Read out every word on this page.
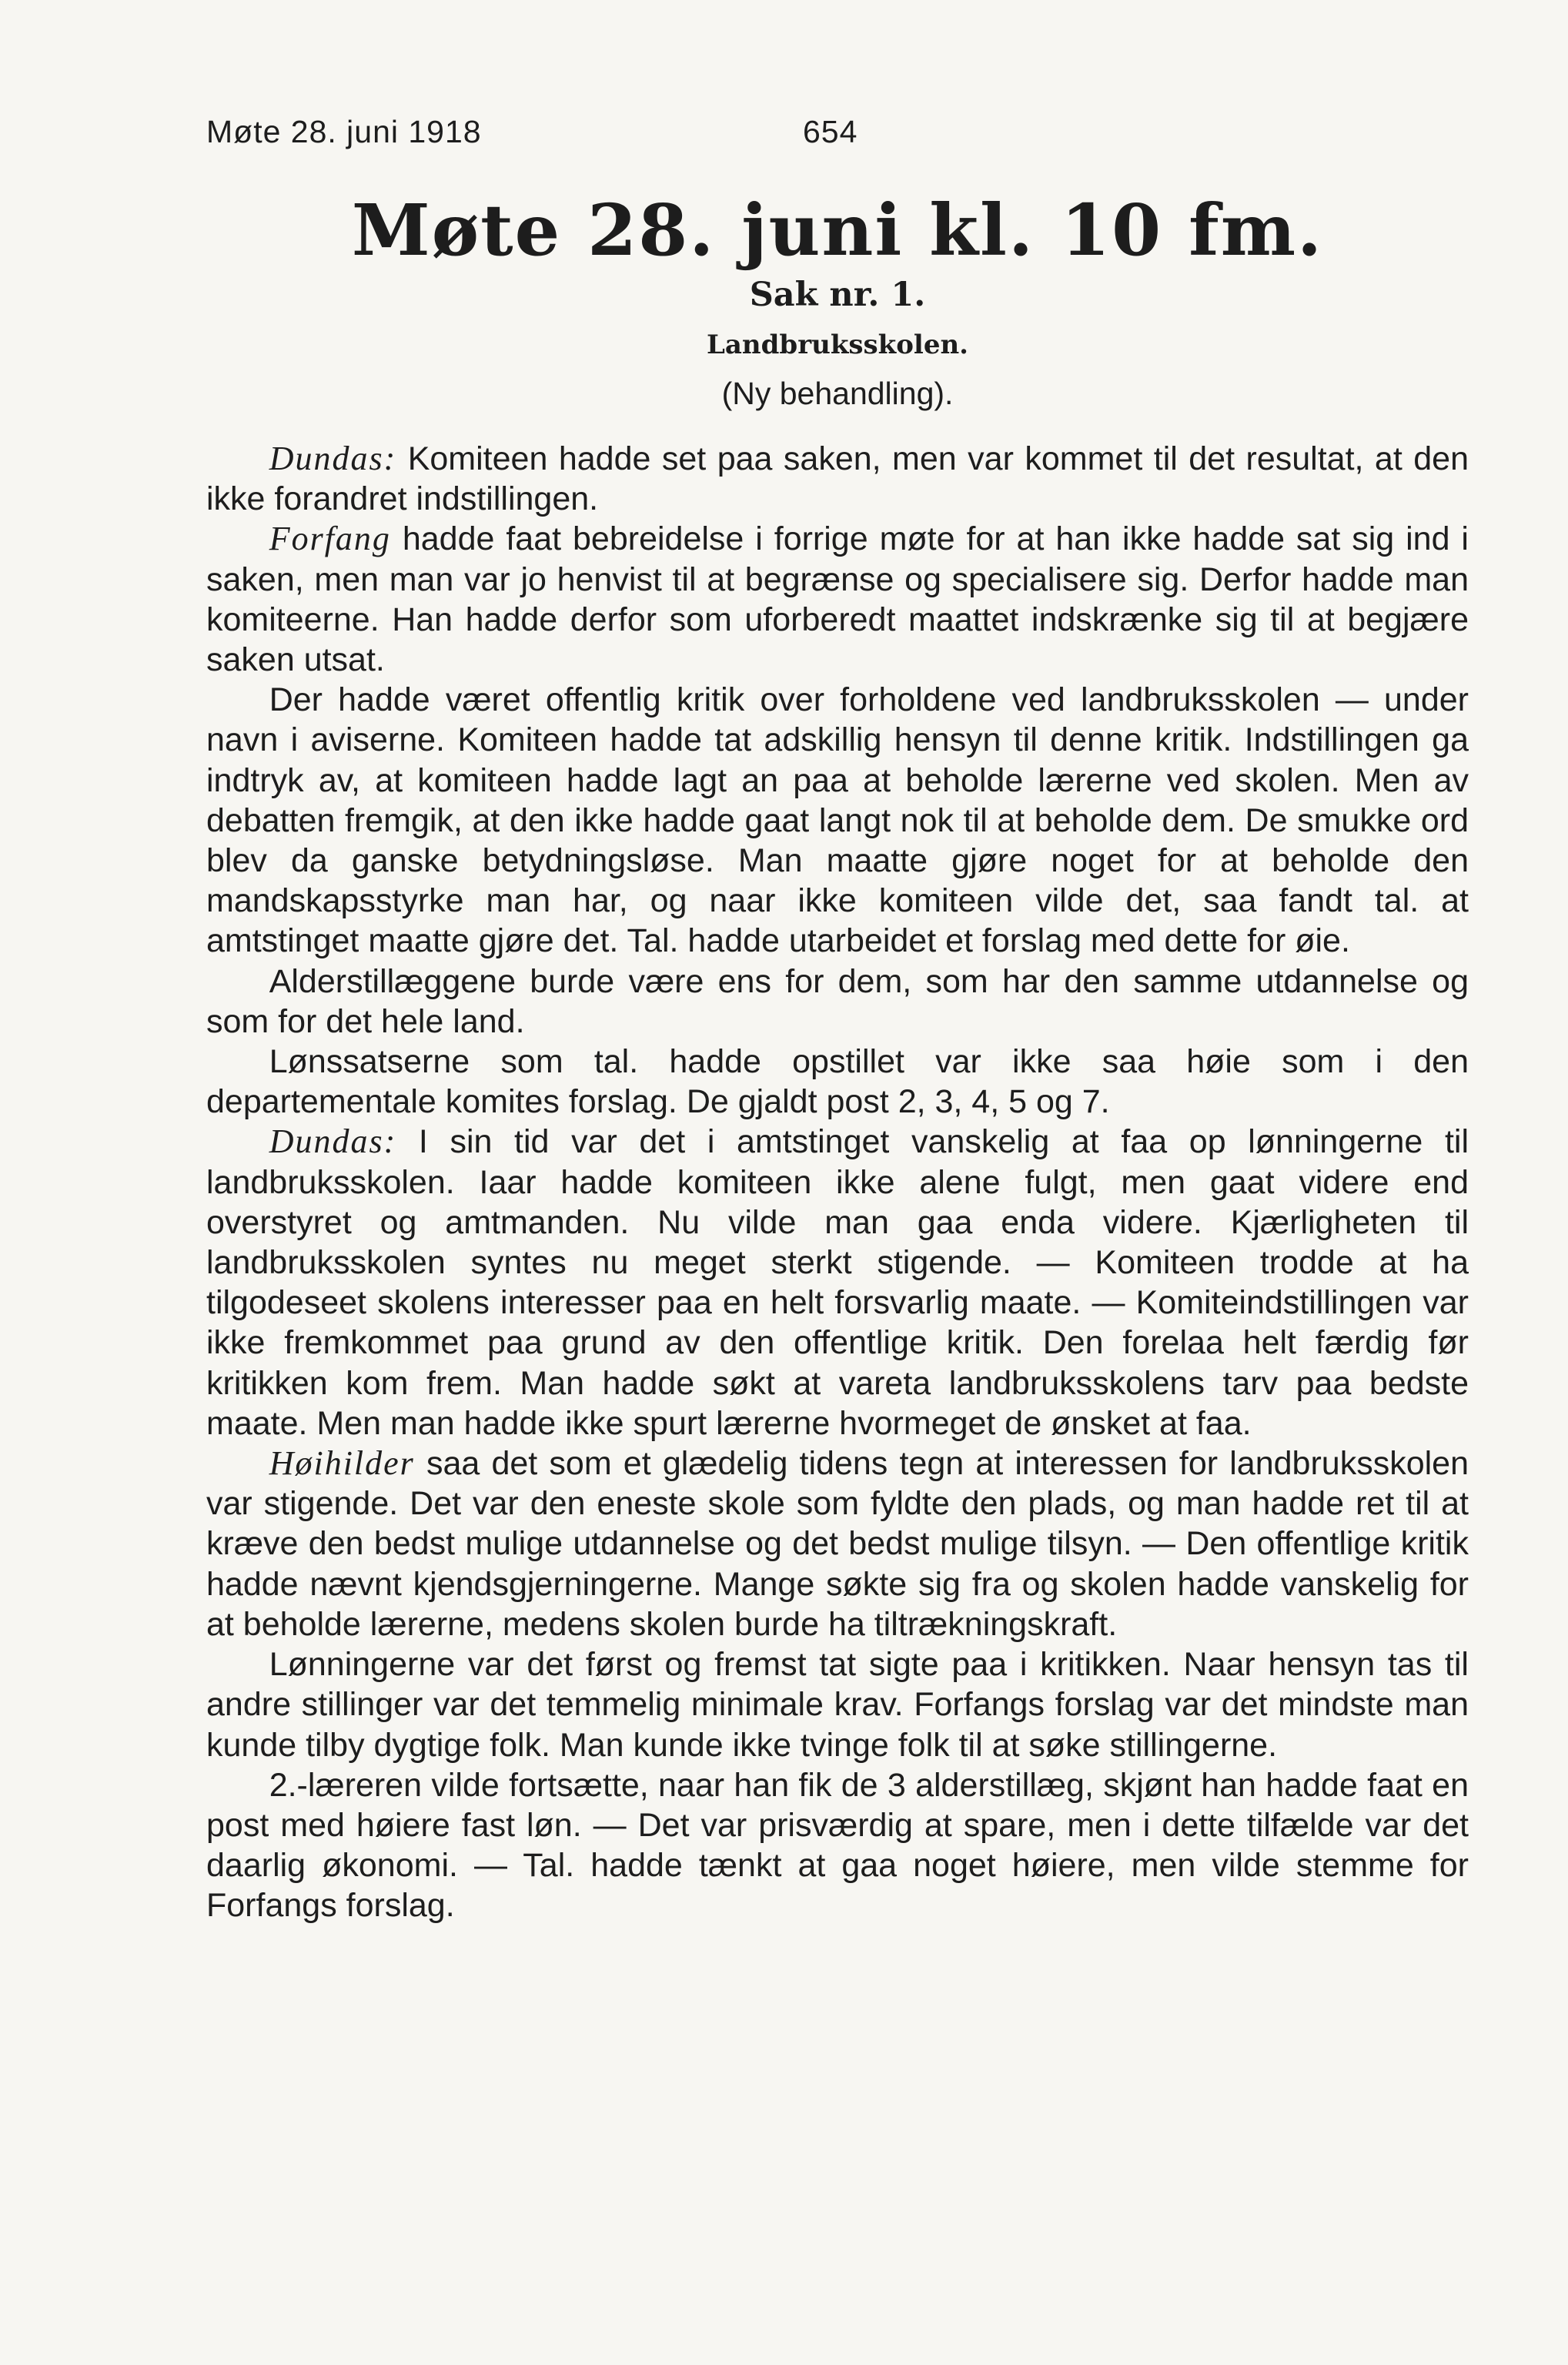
Møte 28. juni 1918	654
Møte 28. juni kl. 10 fm.
Sak nr. 1.
Landbruksskolen.
(Ny behandling).

Dundas: Komiteen hadde set paa saken, men var kommet til det resultat, at den ikke forandret indstillingen.

Forfang hadde faat bebreidelse i forrige møte for at han ikke hadde sat sig ind i saken, men man var jo henvist til at begrænse og specialisere sig. Derfor hadde man komiteerne. Han hadde derfor som uforberedt maattet indskrænke sig til at begjære saken utsat.

Der hadde været offentlig kritik over forholdene ved landbruksskolen — under navn i aviserne. Komiteen hadde tat adskillig hensyn til denne kritik. Indstillingen ga indtryk av, at komiteen hadde lagt an paa at beholde lærerne ved skolen. Men av debatten fremgik, at den ikke hadde gaat langt nok til at beholde dem. De smukke ord blev da ganske betydningsløse. Man maatte gjøre noget for at beholde den mandskapsstyrke man har, og naar ikke komiteen vilde det, saa fandt tal. at amtstinget maatte gjøre det. Tal. hadde utarbeidet et forslag med dette for øie.

Alderstillæggene burde være ens for dem, som har den samme utdannelse og som for det hele land.

Lønssatserne som tal. hadde opstillet var ikke saa høie som i den departementale komites forslag. De gjaldt post 2, 3, 4, 5 og 7.

Dundas: I sin tid var det i amtstinget vanskelig at faa op lønningerne til landbruksskolen. Iaar hadde komiteen ikke alene fulgt, men gaat videre end overstyret og amtmanden. Nu vilde man gaa enda videre. Kjærligheten til landbruksskolen syntes nu meget sterkt stigende. — Komiteen trodde at ha tilgodeseet skolens interesser paa en helt forsvarlig maate. — Komiteindstillingen var ikke fremkommet paa grund av den offentlige kritik. Den forelaa helt færdig før kritikken kom frem. Man hadde søkt at vareta landbruksskolens tarv paa bedste maate. Men man hadde ikke spurt lærerne hvormeget de ønsket at faa.

Høihilder saa det som et glædelig tidens tegn at interessen for landbruksskolen var stigende. Det var den eneste skole som fyldte den plads, og man hadde ret til at kræve den bedst mulige utdannelse og det bedst mulige tilsyn. — Den offentlige kritik hadde nævnt kjendsgjerningerne. Mange søkte sig fra og skolen hadde vanskelig for at beholde lærerne, medens skolen burde ha tiltrækningskraft.

Lønningerne var det først og fremst tat sigte paa i kritikken. Naar hensyn tas til andre stillinger var det temmelig minimale krav. Forfangs forslag var det mindste man kunde tilby dygtige folk. Man kunde ikke tvinge folk til at søke stillingerne.

2.-læreren vilde fortsætte, naar han fik de 3 alderstillæg, skjønt han hadde faat en post med høiere fast løn. — Det var prisværdig at spare, men i dette tilfælde var det daarlig økonomi. — Tal. hadde tænkt at gaa noget høiere, men vilde stemme for Forfangs forslag.
